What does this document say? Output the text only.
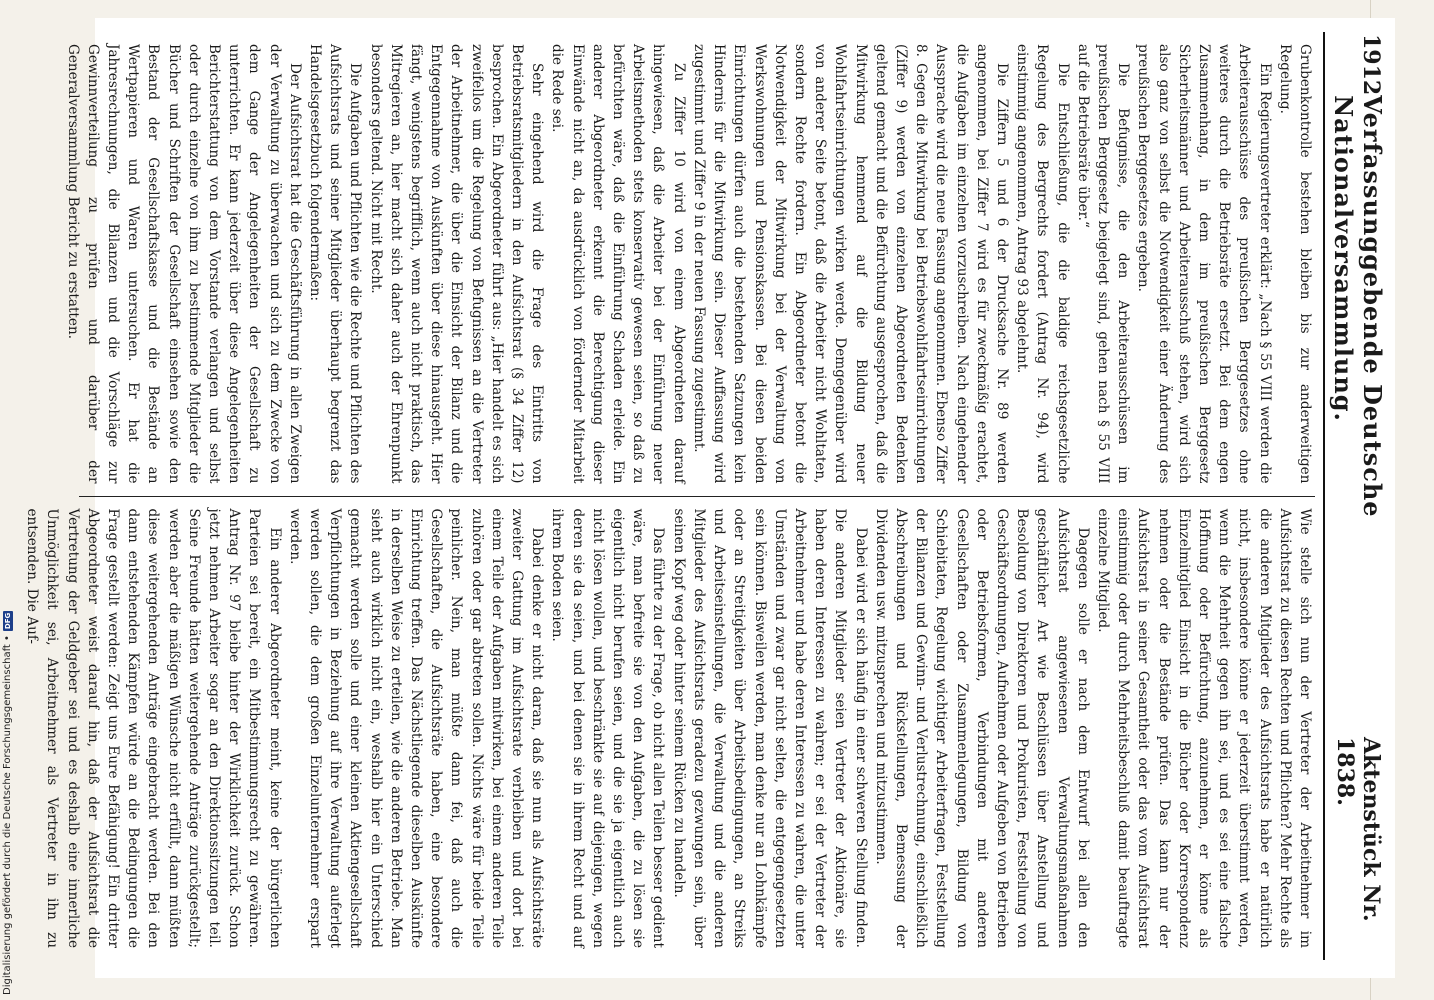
1912
Verfassunggebende Deutsche Nationalversammlung.
Aktenstück Nr. 1838.

Grubenkontrolle bestehen bleiben bis zur anderweitigen Regelung.

Ein Regierungsvertreter erklärt: „Nach § 55 VIII werden die Arbeiterausschüsse des preußischen Berggesetzes ohne weiteres durch die Betriebsräte ersetzt. Bei dem engen Zusammenhang, in dem im preußischen Berggesetz Sicherheitsmänner und Arbeiterausschuß stehen, wird sich also ganz von selbst die Notwendigkeit einer Änderung des preußischen Berggesetzes ergeben.

Die Befugnisse, die den Arbeiterausschüssen im preußischen Berggesetz beigelegt sind, gehen nach § 55 VIII auf die Betriebsräte über.“

Die Entschließung, die die baldige reichsgesetzliche Regelung des Bergrechts fordert (Antrag Nr. 94), wird einstimmig angenommen, Antrag 93 abgelehnt.

Die Ziffern 5 und 6 der Drucksache Nr. 89 werden angenommen, bei Ziffer 7 wird es für zweckmäßig erachtet, die Aufgaben im einzelnen vorzuschreiben. Nach eingehender Aussprache wird die neue Fassung angenommen. Ebenso Ziffer 8. Gegen die Mitwirkung bei Betriebswohlfahrtseinrichtungen (Ziffer 9) werden von einzelnen Abgeordneten Bedenken geltend gemacht und die Befürchtung ausgesprochen, daß die Mitwirkung hemmend auf die Bildung neuer Wohlfahrtseinrichtungen wirken werde. Demgegenüber wird von anderer Seite betont, daß die Arbeiter nicht Wohltaten, sondern Rechte fordern. Ein Abgeordneter betont die Notwendigkeit der Mitwirkung bei der Verwaltung von Werkswohnungen und Pensionskassen. Bei diesen beiden Einrichtungen dürfen auch die bestehenden Satzungen kein Hindernis für die Mitwirkung sein. Dieser Auffassung wird zugestimmt und Ziffer 9 in der neuen Fassung zugestimmt.

Zu Ziffer 10 wird von einem Abgeordneten darauf hingewiesen, daß die Arbeiter bei der Einführung neuer Arbeitsmethoden stets konservativ gewesen seien, so daß zu befürchten wäre, daß die Einführung Schaden erleide. Ein anderer Abgeordneter erkennt die Berechtigung dieser Einwände nicht an, da ausdrücklich von fördernder Mitarbeit die Rede sei.

Sehr eingehend wird die Frage des Eintritts von Betriebsratsmitgliedern in den Aufsichtsrat (§ 34 Ziffer 12) besprochen. Ein Abgeordneter führt aus: „Hier handelt es sich zweifellos um die Regelung von Befugnissen an die Vertreter der Arbeitnehmer, die über die Einsicht der Bilanz und die Entgegennahme von Auskünften über diese hinausgeht. Hier fängt, wenigstens begrifflich, wenn auch nicht praktisch, das Mitregieren an, hier macht sich daher auch der Ehrenpunkt besonders geltend. Nicht mit Recht.

Die Aufgaben und Pflichten wie die Rechte und Pflichten des Aufsichtsrats und seiner Mitglieder überhaupt begrenzt das Handelsgesetzbuch folgendermaßen:

Der Aufsichtsrat hat die Geschäftsführung in allen Zweigen der Verwaltung zu überwachen und sich zu dem Zwecke von dem Gange der Angelegenheiten der Gesellschaft zu unterrichten. Er kann jederzeit über diese Angelegenheiten Berichterstattung von dem Vorstande verlangen und selbst oder durch einzelne von ihm zu bestimmende Mitglieder die Bücher und Schriften der Gesellschaft einsehen sowie den Bestand der Gesellschaftskasse und die Bestände an Wertpapieren und Waren untersuchen. Er hat die Jahresrechnungen, die Bilanzen und die Vorschläge zur Gewinnverteilung zu prüfen und darüber der Generalversammlung Bericht zu erstatten.

Wie stelle sich nun der Vertreter der Arbeitnehmer im Aufsichtsrat zu diesen Rechten und Pflichten? Mehr Rechte als die anderen Mitglieder des Aufsichtsrats habe er natürlich nicht, insbesondere könne er jederzeit überstimmt werden, wenn die Mehrheit gegen ihn sei, und es sei eine falsche Hoffnung oder Befürchtung, anzunehmen, er könne als Einzelmitglied Einsicht in die Bücher oder Korrespondenz nehmen oder die Bestände prüfen. Das kann nur der Aufsichtsrat in seiner Gesamtheit oder das vom Aufsichtsrat einstimmig oder durch Mehrheitsbeschluß damit beauftragte einzelne Mitglied.

Dagegen solle er nach dem Entwurf bei allen den Aufsichtsrat angewiesenen Verwaltungsmaßnahmen geschäftlicher Art wie Beschlüssen über Anstellung und Besoldung von Direktoren und Prokuristen, Feststellung von Geschäftsordnungen, Aufnehmen oder Aufgeben von Betrieben oder Betriebsformen, Verbindungen mit anderen Gesellschaften oder Zusammenlegungen, Bildung von Schiebitaten, Regelung wichtiger Arbeiterfragen, Feststellung der Bilanzen und Gewinn- und Verlustrechnung, einschließlich Abschreibungen und Rückstellungen, Bemessung der Dividenden usw. mitzusprechen und mitzustimmen.

Dabei wird er sich häufig in einer schweren Stellung finden. Die anderen Mitglieder seien Vertreter der Aktionäre, sie haben deren Interessen zu wahren; er sei der Vertreter der Arbeitnehmer und habe deren Interessen zu wahren, die unter Umständen und zwar gar nicht selten, die entgegengesetzten sein können. Bisweilen werden, man denke nur an Lohnkämpfe oder an Streitigkeiten über Arbeitsbedingungen, an Streiks und Arbeitseinstellungen, die Verwaltung und die anderen Mitglieder des Aufsichtsrats geradezu gezwungen sein, über seinen Kopf weg oder hinter seinem Rücken zu handeln.

Das führte zu der Frage, ob nicht allen Teilen besser gedient wäre, man befreite sie von den Aufgaben, die zu lösen sie eigentlich nicht berufen seien, und die sie ja eigentlich auch nicht lösen wollen, und beschränkte sie auf diejenigen, wegen deren sie da seien, und bei denen sie in ihrem Recht und auf ihrem Boden seien.

Dabei denke er nicht daran, daß sie nun als Aufsichtsräte zweiter Gattung im Aufsichtsrate verbleiben und dort bei einem Teile der Aufgaben mitwirken, bei einem anderen Teile zuhören oder gar abtreten sollen. Nichts wäre für beide Teile peinlicher. Nein, man müßte dann fei, daß auch die Gesellschaften, die Aufsichtsräte haben, eine besondere Einrichtung treffen. Das Nächstliegende dieselben Auskünfte in derselben Weise zu erteilen, wie die anderen Betriebe. Man sieht auch wirklich nicht ein, weshalb hier ein Unterschied gemacht werden solle und einer kleinen Aktiengesellschaft Verpflichtungen in Beziehung auf ihre Verwaltung auferlegt werden sollen, die dem großen Einzelunternehmer erspart werden.

Ein anderer Abgeordneter meint, keine der bürgerlichen Parteien sei bereit, ein Mitbestimmungsrecht zu gewähren. Antrag Nr. 97 bleibe hinter der Wirklichkeit zurück. Schon jetzt nehmen Arbeiter sogar an den Direktionssitzungen teil. Seine Freunde hätten weitergehende Anträge zurückgestellt; werden aber die mäßigen Wünsche nicht erfüllt, dann müßten diese weitergehenden Anträge eingebracht werden. Bei den dann entstehenden Kämpfen würde an die Bedingungen die Frage gestellt werden: Zeigt uns Eure Befähigung! Ein dritter Abgeordneter weist darauf hin, daß der Aufsichtsrat die Vertretung der Geldgeber sei und es deshalb eine innerliche Unmöglichkeit sei, Arbeitnehmer als Vertreter in ihn zu entsenden. Die Auf-

Digitalisierung gefördert durch die Deutsche Forschungsgemeinschaft •
DFG
